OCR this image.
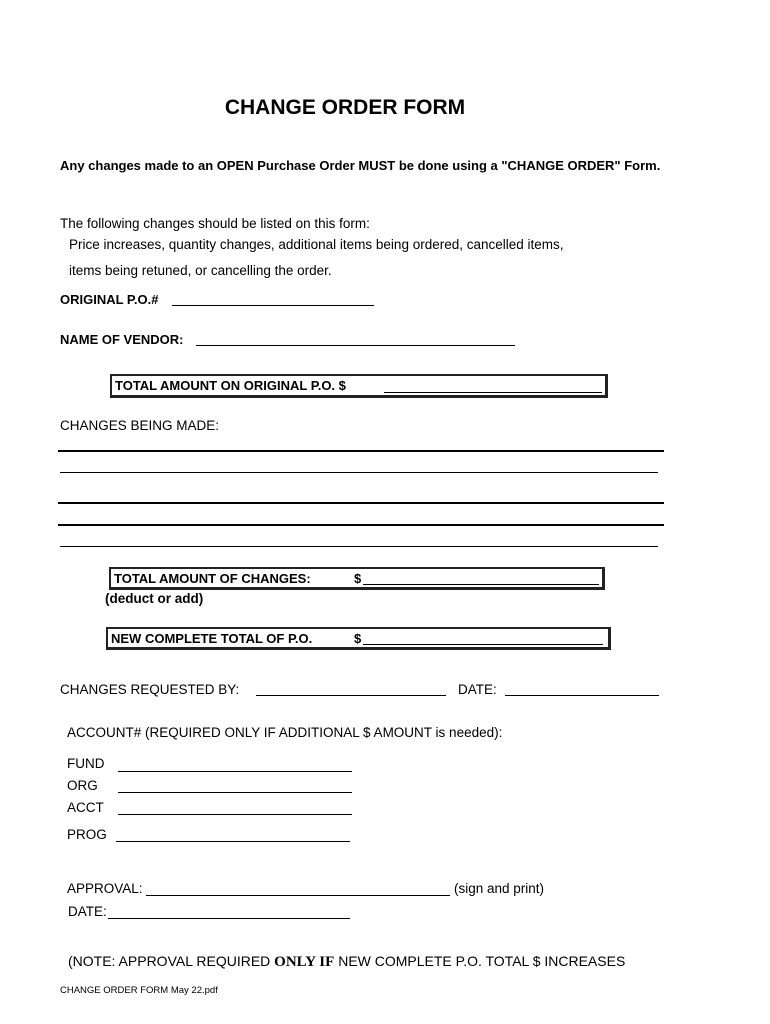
CHANGE ORDER FORM
Any changes made to an OPEN Purchase Order MUST be done using a "CHANGE ORDER" Form.
The following changes should be listed on this form:
Price increases, quantity changes, additional items being ordered, cancelled items,
items being retuned, or cancelling the order.
ORIGINAL P.O.#
NAME OF VENDOR:
TOTAL AMOUNT ON ORIGINAL P.O. $
CHANGES BEING MADE:
TOTAL AMOUNT OF CHANGES:	$
(deduct or add)
NEW COMPLETE TOTAL OF P.O.	$
CHANGES REQUESTED BY:	DATE:
ACCOUNT# (REQUIRED ONLY IF ADDITIONAL $ AMOUNT is needed):
FUND
ORG
ACCT
PROG
APPROVAL:	(sign and print)
DATE:
(NOTE: APPROVAL REQUIRED ONLY IF NEW COMPLETE P.O. TOTAL $ INCREASES
CHANGE ORDER FORM May 22.pdf
